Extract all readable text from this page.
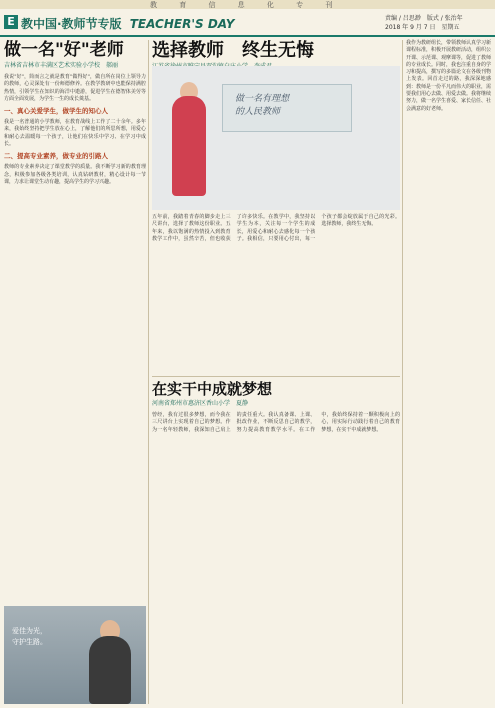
教 育 信 息 化 专 刊
E 教中国·教师节专版 TEACHER'S DAY	责编 / 吕思渺　版式 / 张治年
2018 年 9 月 7 日　星期五
做一名"好"老师
吉林省吉林市丰满区艺术实验小学校　郝丽
我说"好"，简而言之就是教育"做得好"，做自所在岗位上领导力的教师，心灵深处有一份师德修养。在教学教研中也能保持满腔热情，引领学生在知识的海洋中遨游，促进学生在德智体美劳等方面全面发展，为学生一生的成长奠基。
一、真心关爱学生，做学生的知心人
我是一名普通的小学教师，在教育战线上工作了二十余年。多年来，我始终坚持把学生放在心上，了解他们的所思所想，用爱心和耐心去温暖每一个孩子，让他们在快乐中学习、在学习中成长。
二、提高专业素养，做专业的引路人
教师的专业素养决定了课堂教学的质量。我不断学习新的教育理念，积极参加各级各类培训，认真钻研教材，精心设计每一节课，力求让课堂生动有趣，提高学生的学习兴趣。
爱佳为光，
守护生路。
选择教师　终生无悔
做一名有理想
的人民教师
五年前，我踏着青春的脚步走上三尺讲台，选择了教师这份职业。五年来，我以饱满的热情投入到教育教学工作中，虽然辛苦，但也收获了许多快乐。在教学中，我坚持以学生为本，关注每一个学生的成长，用爱心和耐心去感化每一个孩子。我相信，只要用心付出，每一个孩子都会绽放属于自己的光彩。选择教师，我终生无悔。
在实干中成就梦想
河南省郑州市惠济区香山小学　夏静
曾经，我有过很多梦想，而今我在三尺讲台上实现着自己的梦想。作为一名年轻教师，我深知自己肩上的责任重大。我认真备课、上课、批改作业，不断反思自己的教学，努力提高教育教学水平。在工作中，我始终保持着一颗积极向上的心，用实际行动践行着自己的教育梦想，在实干中成就梦想。
我作为教研组长，带领教师认真学习新课程标准，积极开展教研活动，组织公开课、示范课、观摩课等，促进了教师的专业成长。同时，我也注重自身的学习和提高，撰写的多篇论文在各级刊物上发表。回首走过的路，我深深地感到：教师是一份平凡而伟大的职业，需要我们用心去做、用爱去做。我将继续努力，做一名学生喜爱、家长信任、社会满意的好老师。
